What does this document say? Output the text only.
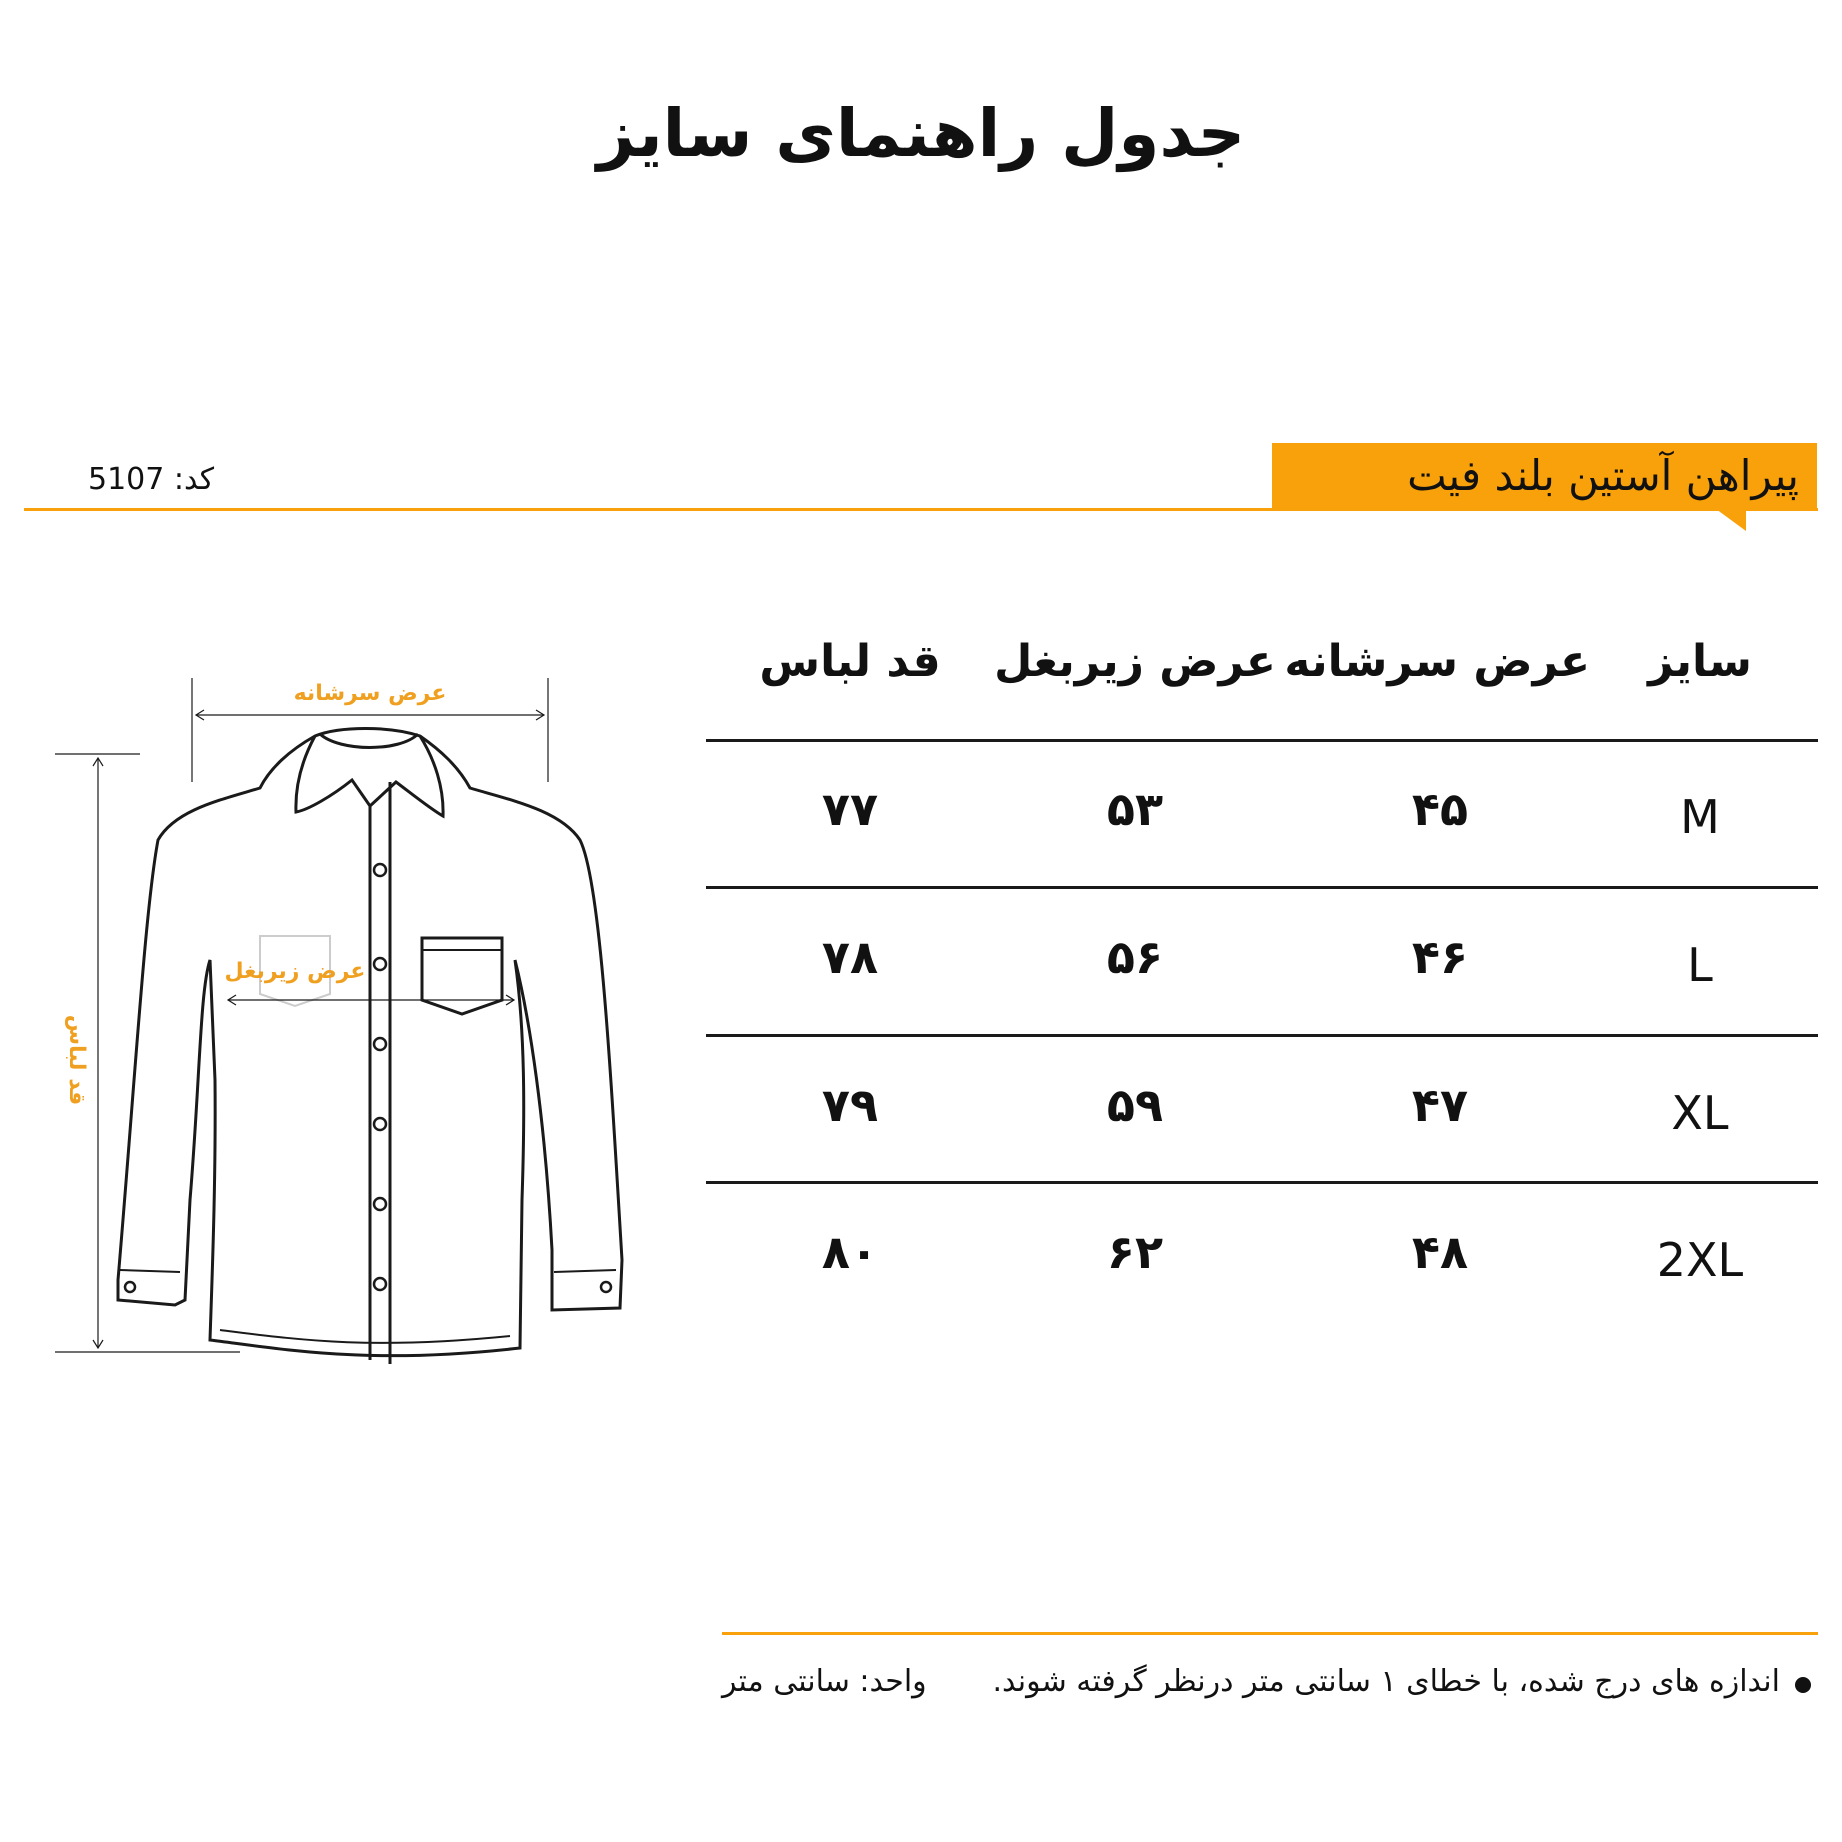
جدول راهنمای سایز
پیراهن آستین بلند فیت
کد: 5107
سایز
عرض سرشانه
عرض زیربغل
قد لباس
M
۴۵
۵۳
۷۷
L
۴۶
۵۶
۷۸
XL
۴۷
۵۹
۷۹
2XL
۴۸
۶۲
۸۰
عرض سرشانه
عرض زیربغل
قد لباس
اندازه های درج شده، با خطای ۱ سانتی متر درنظر گرفته شوند.
واحد: سانتی متر
